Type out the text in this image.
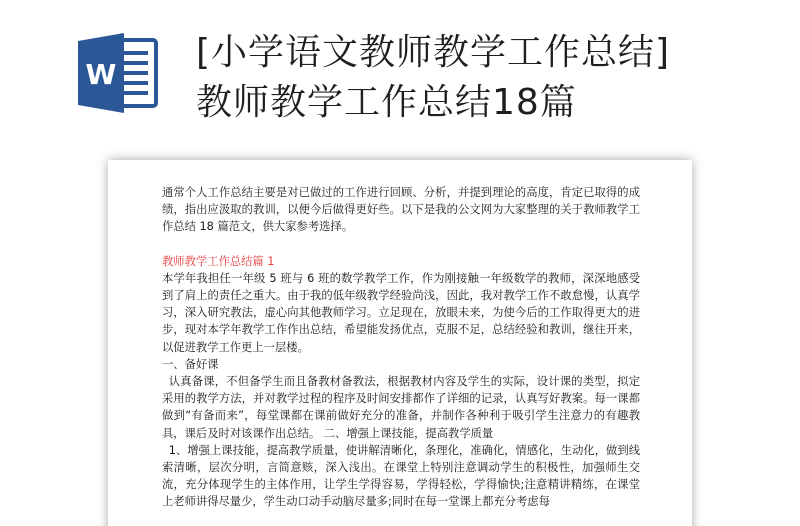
W
[小学语文教师教学工作总结]
教师教学工作总结18篇

通常个人工作总结主要是对已做过的工作进行回顾、分析，并提到理论的高度，肯定已取得的成绩，指出应汲取的教训，以便今后做得更好些。以下是我的公文网为大家整理的关于教师教学工作总结 18 篇范文，供大家参考选择。

教师教学工作总结篇 1

本学年我担任一年级 5 班与 6 班的数学教学工作，作为刚接触一年级数学的教师，深深地感受到了肩上的责任之重大。由于我的低年级教学经验尚浅，因此，我对教学工作不敢怠慢，认真学习，深入研究教法，虚心向其他教师学习。立足现在，放眼未来，为使今后的工作取得更大的进步，现对本学年教学工作作出总结，希望能发扬优点，克服不足，总结经验和教训，继往开来，以促进教学工作更上一层楼。

一、备好课

认真备课，不但备学生而且备教材备教法，根据教材内容及学生的实际，设计课的类型，拟定采用的教学方法，并对教学过程的程序及时间安排都作了详细的记录，认真写好教案。每一课都做到“有备而来”，每堂课都在课前做好充分的准备，并制作各种利于吸引学生注意力的有趣教具，课后及时对该课作出总结。 二、增强上课技能，提高教学质量

1、增强上课技能，提高教学质量，使讲解清晰化，条理化，准确化，情感化，生动化，做到线索清晰，层次分明，言简意赅，深入浅出。在课堂上特别注意调动学生的积极性，加强师生交流，充分体现学生的主体作用，让学生学得容易，学得轻松，学得愉快;注意精讲精练，在课堂上老师讲得尽量少，学生动口动手动脑尽量多;同时在每一堂课上都充分考虑每
